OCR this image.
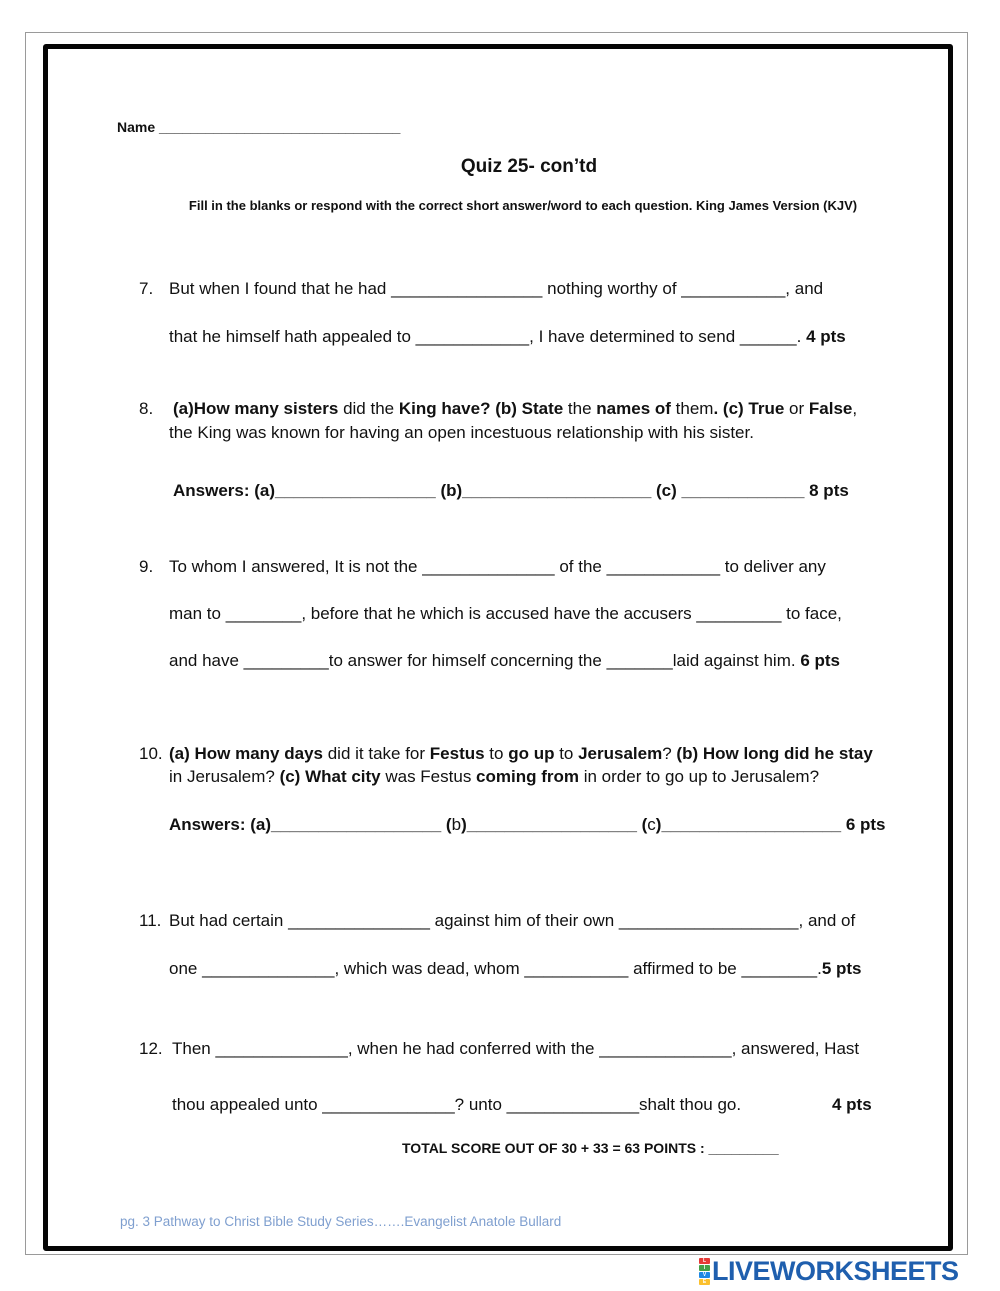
Name _______________________________
Quiz 25- con’td
Fill in the blanks or respond with the correct short answer/word to each question. King James Version (KJV)
7. But when I found that he had ________________ nothing worthy of ___________, and
that he himself hath appealed to ____________, I have determined to send ______. 4 pts
8. (a)How many sisters did the King have? (b) State the names of them. (c) True or False,
the King was known for having an open incestuous relationship with his sister.
Answers: (a)_________________ (b)____________________ (c) _____________ 8 pts
9. To whom I answered, It is not the ______________ of the ____________ to deliver any
man to ________, before that he which is accused have the accusers _________ to face,
and have _________to answer for himself concerning the _______laid against him. 6 pts
10. (a) How many days did it take for Festus to go up to Jerusalem? (b) How long did he stay
in Jerusalem? (c) What city was Festus coming from in order to go up to Jerusalem?
Answers: (a)__________________ (b)__________________ (c)___________________ 6 pts
11. But had certain _______________ against him of their own ___________________, and of
one ______________, which was dead, whom ___________ affirmed to be ________.5 pts
12. Then ______________, when he had conferred with the ______________, answered, Hast
thou appealed unto ______________? unto ______________shalt thou go.	4 pts
TOTAL SCORE OUT OF 30 + 33 = 63 POINTS : _________
pg. 3 Pathway to Christ Bible Study Series…….Evangelist Anatole Bullard
L
I
V
E LIVEWORKSHEETS
